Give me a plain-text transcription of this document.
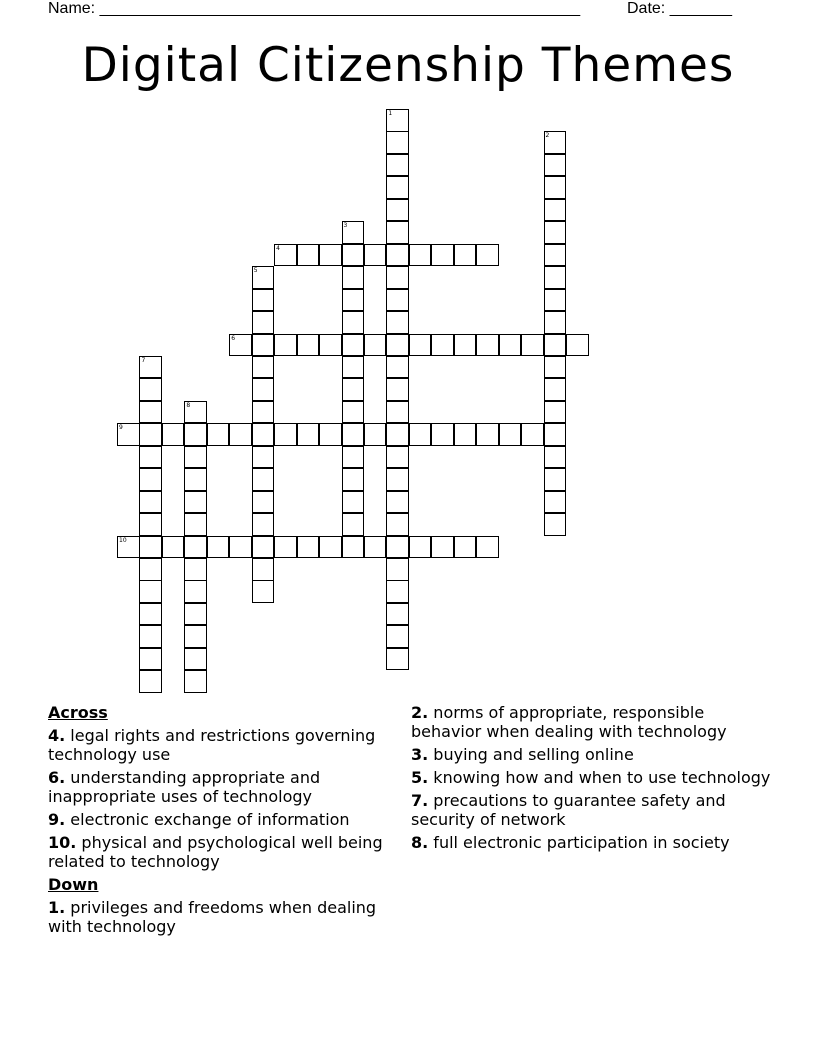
Name: ______________________________________________________	Date: _______
Digital Citizenship Themes
1
2
3
4
5
6
7
8
9
10
Across
4. legal rights and restrictions governing technology use
6. understanding appropriate and inappropriate uses of technology
9. electronic exchange of information
10. physical and psychological well being related to technology
Down
1. privileges and freedoms when dealing with technology
2. norms of appropriate, responsible behavior when dealing with technology
3. buying and selling online
5. knowing how and when to use technology
7. precautions to guarantee safety and security of network
8. full electronic participation in society
